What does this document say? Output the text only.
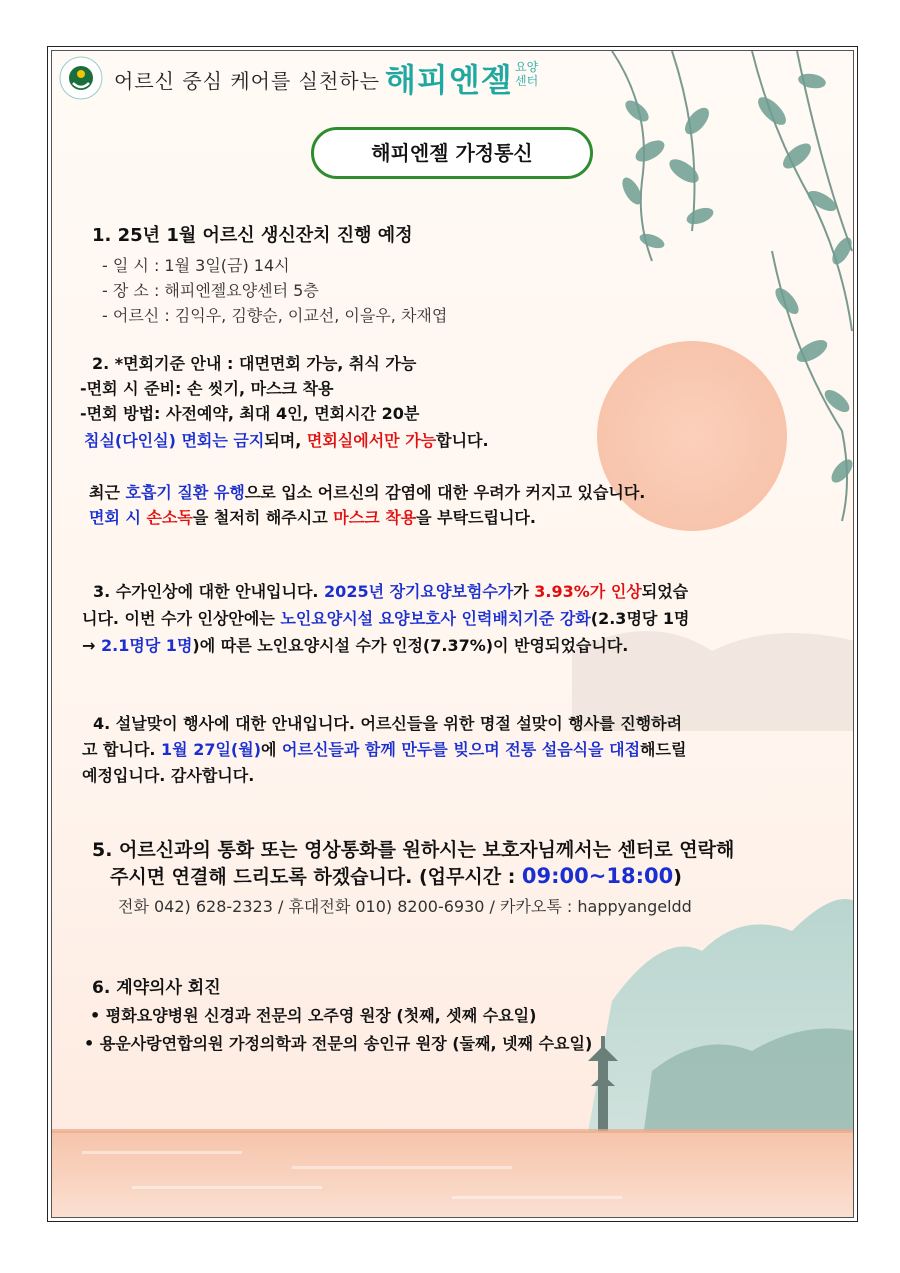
어르신 중심 케어를 실천하는 해피엔젤 요양센터
해피엔젤 가정통신
1. 25년 1월 어르신 생신잔치 진행 예정
- 일 시 : 1월 3일(금) 14시
- 장 소 : 해피엔젤요양센터 5층
- 어르신 : 김익우, 김향순, 이교선, 이을우, 차재엽
2. *면회기준 안내 : 대면면회 가능, 취식 가능
-면회 시 준비: 손 씻기, 마스크 착용
-면회 방법: 사전예약, 최대 4인, 면회시간 20분
침실(다인실) 면회는 금지되며, 면회실에서만 가능합니다.
최근 호흡기 질환 유행으로 입소 어르신의 감염에 대한 우려가 커지고 있습니다.
면회 시 손소독을 철저히 해주시고 마스크 착용을 부탁드립니다.
3. 수가인상에 대한 안내입니다. 2025년 장기요양보험수가가 3.93%가 인상되었습
니다. 이번 수가 인상안에는 노인요양시설 요양보호사 인력배치기준 강화(2.3명당 1명
→ 2.1명당 1명)에 따른 노인요양시설 수가 인정(7.37%)이 반영되었습니다.
4. 설날맞이 행사에 대한 안내입니다. 어르신들을 위한 명절 설맞이 행사를 진행하려
고 합니다. 1월 27일(월)에 어르신들과 함께 만두를 빚으며 전통 설음식을 대접해드릴
예정입니다. 감사합니다.
5. 어르신과의 통화 또는 영상통화를 원하시는 보호자님께서는 센터로 연락해
주시면 연결해 드리도록 하겠습니다. (업무시간 : 09:00~18:00)
전화 042) 628-2323 / 휴대전화 010) 8200-6930 / 카카오톡 : happyangeldd
6. 계약의사 회진
• 평화요양병원 신경과 전문의 오주영 원장 (첫째, 셋째 수요일)
• 용운사랑연합의원 가정의학과 전문의 송인규 원장 (둘째, 넷째 수요일)
